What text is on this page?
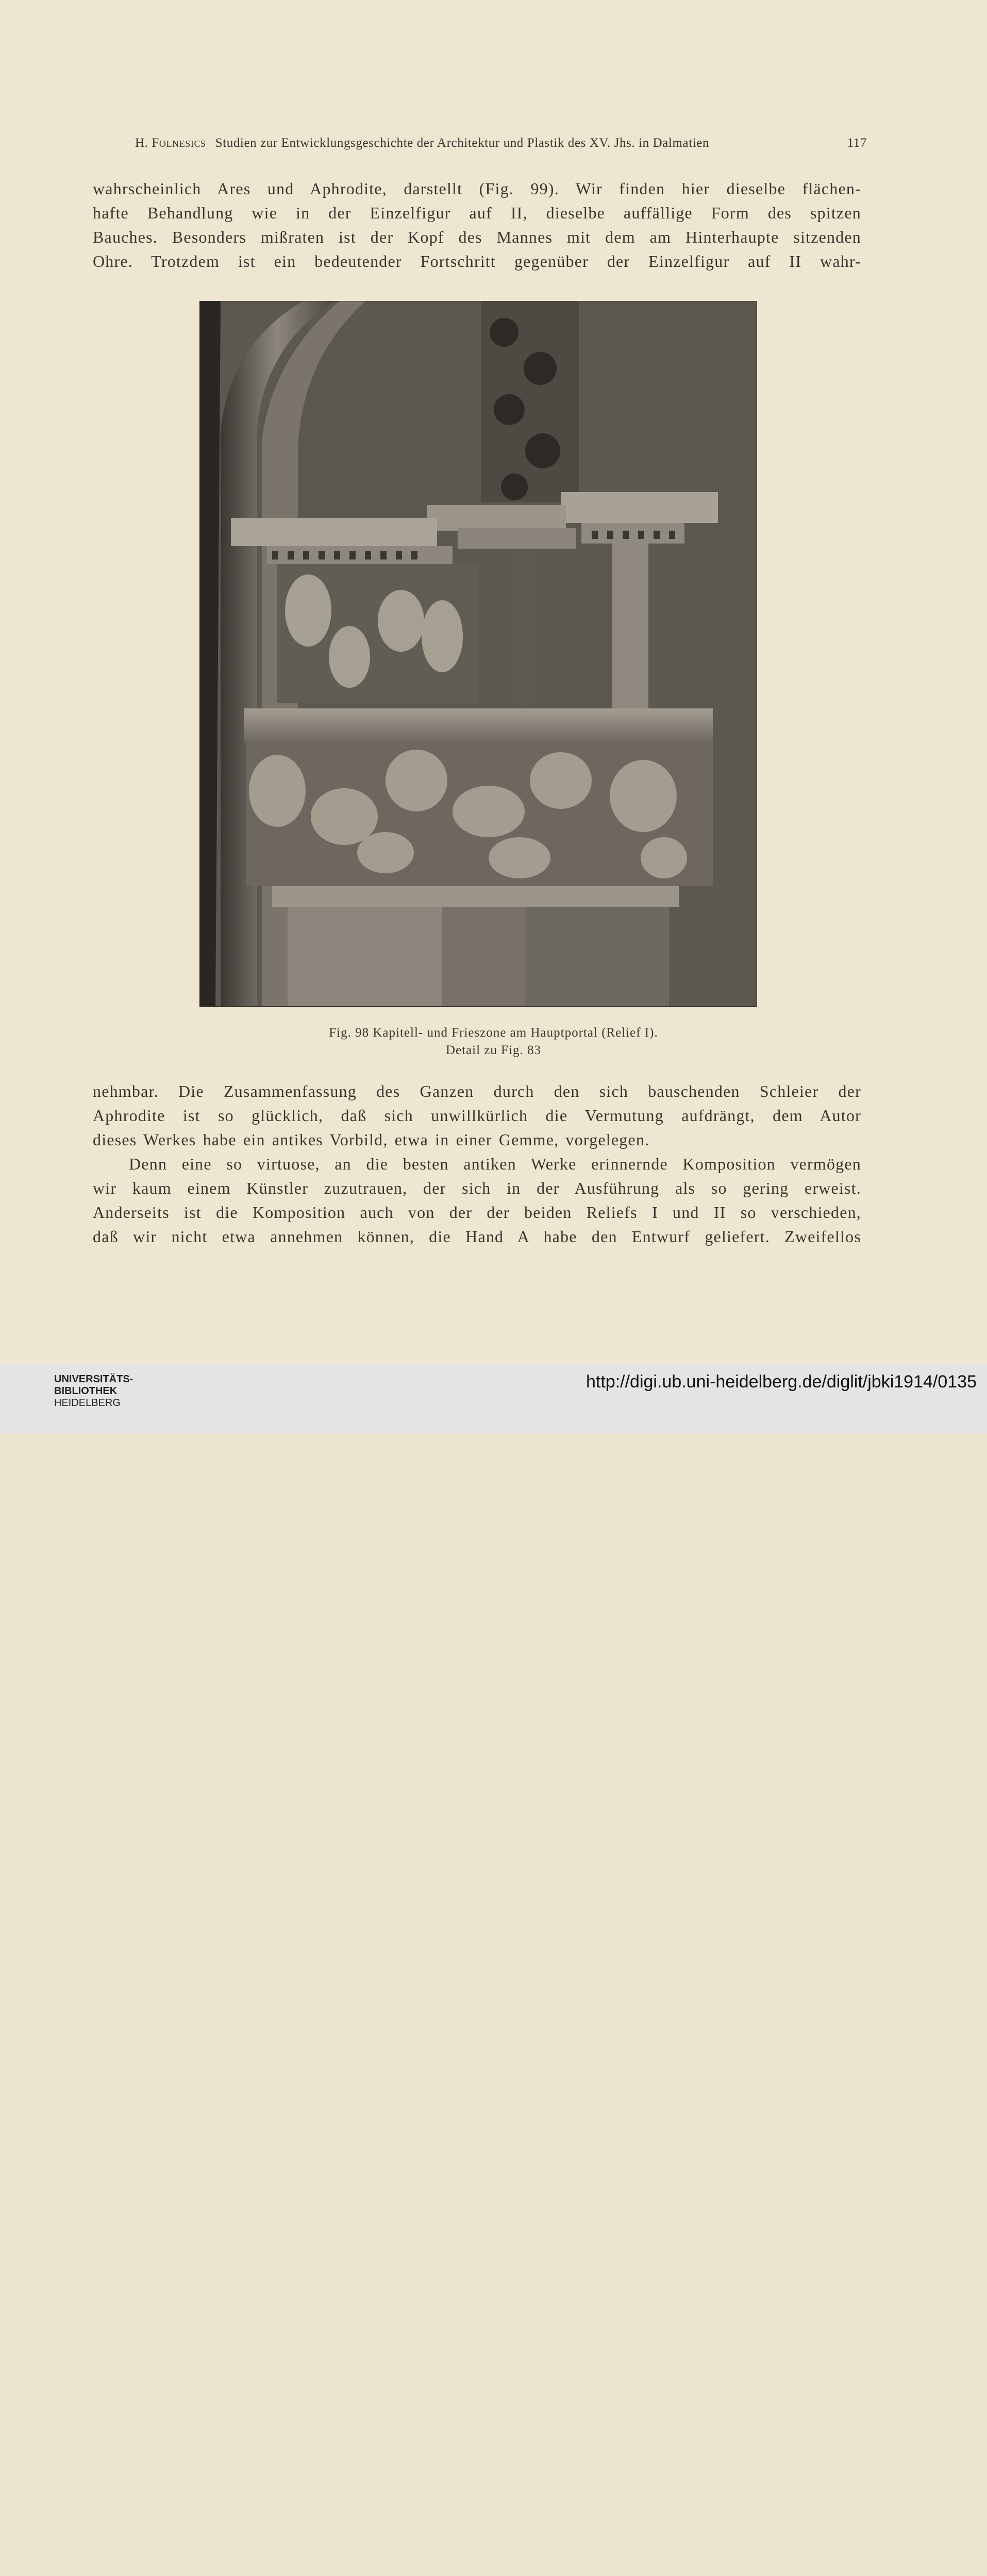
H. Folnesics Studien zur Entwicklungsgeschichte der Architektur und Plastik des XV. Jhs. in Dalmatien	117
wahrscheinlich Ares und Aphrodite, darstellt (Fig. 99). Wir finden hier dieselbe flächen-
hafte Behandlung wie in der Einzelfigur auf II, dieselbe auffällige Form des spitzen
Bauches. Besonders mißraten ist der Kopf des Mannes mit dem am Hinterhaupte sitzenden
Ohre. Trotzdem ist ein bedeutender Fortschritt gegenüber der Einzelfigur auf II wahr-
Fig. 98 Kapitell- und Frieszone am Hauptportal (Relief I).
Detail zu Fig. 83
nehmbar. Die Zusammenfassung des Ganzen durch den sich bauschenden Schleier der
Aphrodite ist so glücklich, daß sich unwillkürlich die Vermutung aufdrängt, dem Autor
dieses Werkes habe ein antikes Vorbild, etwa in einer Gemme, vorgelegen.
Denn eine so virtuose, an die besten antiken Werke erinnernde Komposition vermögen
wir kaum einem Künstler zuzutrauen, der sich in der Ausführung als so gering erweist.
Anderseits ist die Komposition auch von der der beiden Reliefs I und II so verschieden,
daß wir nicht etwa annehmen können, die Hand A habe den Entwurf geliefert. Zweifellos
UNIVERSITÄTS-
BIBLIOTHEK
HEIDELBERG
http://digi.ub.uni-heidelberg.de/diglit/jbki1914/0135
